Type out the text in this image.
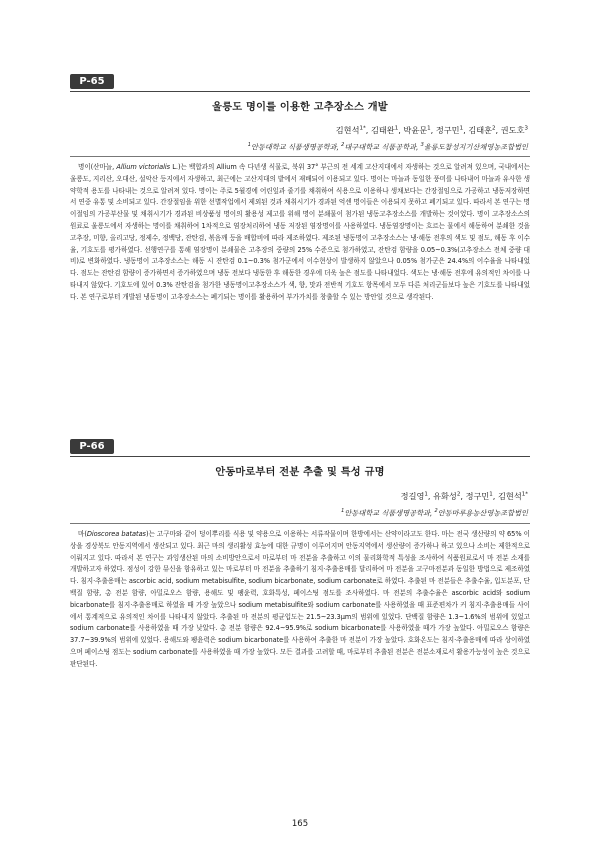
P-65
울릉도 명이를 이용한 고추장소스 개발
김현석$^{1*}$, 김태완$^1$, 박윤문$^1$, 정구민$^1$, 김태훈$^2$, 권도호$^3$
$^1$안동대학교 식품생명공학과, $^2$대구대학교 식품공학과, $^3$울릉도참성지기산채영농조합법인
명이(산마늘, Allium victorialis L.)는 백합과의 Allium 속 다년생 식물로, 북위 37° 부근의 전 세계 고산지대에서 자생하는 것으로 알려져 있으며, 국내에서는 울릉도, 지리산, 오대산, 설악산 등지에서 자생하고, 최근에는 고산지대의 밭에서 재배되어 이용되고 있다. 명이는 마늘과 동일한 풍미를 나타내어 마늘과 유사한 생약학적 용도를 나타내는 것으로 알려져 있다. 명이는 주로 5월경에 어린잎과 줄기를 채취하여 식용으로 이용하나 생채보다는 간장절임으로 가공하고 냉동저장하면서 연중 유통 및 소비되고 있다. 간장절임을 위한 선별작업에서 제외된 것과 채취시기가 경과된 억센 명이들은 이용되지 못하고 폐기되고 있다. 따라서 본 연구는 명이절임의 가공부산물 및 채취시기가 경과된 비상품성 명이의 활용성 제고를 위해 명이 분쇄물이 첨가된 냉동고추장소스를 개발하는 것이었다. 명이 고추장소스의 원료로 울릉도에서 자생하는 명이를 채취하여 1차적으로 염장처리하여 냉동 저장된 염장명이를 사용하였다. 냉동염장명이는 흐르는 물에서 해동하여 분쇄한 것을 고추장, 미향, 올리고당, 정제수, 정백당, 잔탄검, 볶음깨 등을 배합비에 따라 제조하였다. 제조된 냉동명이 고추장소스는 냉·해동 전후의 색도 및 점도, 해동 후 이수율, 기호도를 평가하였다. 선행연구를 통해 염장명이 분쇄물은 고추장의 중량의 25% 수준으로 첨가하였고, 잔탄검 함량을 0.05~0.3%(고추장소스 전체 중량 대비)로 변화하였다. 냉동명이 고추장소스는 해동 시 잔탄검 0.1~0.3% 첨가군에서 이수현상이 발생하지 않았으나 0.05% 첨가군은 24.4%의 이수율을 나타내었다. 점도는 잔탄검 함량이 증가하면서 증가하였으며 냉동 전보다 냉동한 후 해동한 경우에 더욱 높은 점도를 나타내었다. 색도는 냉·해동 전후에 유의적인 차이를 나타내지 않았다. 기호도에 있어 0.3% 잔탄검을 첨가한 냉동명이고추장소스가 색, 향, 맛과 전반적 기호도 항목에서 모두 다른 처리군들보다 높은 기호도를 나타내었다. 본 연구로부터 개발된 냉동명이 고추장소스는 폐기되는 명이를 활용하여 부가가치를 창출할 수 있는 방안일 것으로 생각된다.
P-66
안동마로부터 전분 추출 및 특성 규명
정길영$^1$, 유화성$^2$, 정구민$^1$, 김현석$^{1*}$
$^1$안동대학교 식품생명공학과, $^2$안동마루용농산영농조합법인
마(Dioscorea batatas)는 고구마와 같이 덩이뿌리를 식용 및 약용으로 이용하는 서류작물이며 한방에서는 산약이라고도 한다. 마는 전국 생산량의 약 65% 이상을 경상북도 안동지역에서 생산되고 있다. 최근 마의 생리활성 효능에 대한 규명이 이루어지며 안동지역에서 생산량이 증가하나 하고 있으나 소비는 제한적으로 이뤄지고 있다. 따라서 본 연구는 과잉생산된 마의 소비방안으로서 마로부터 마 전분을 추출하고 이의 물리화학적 특성을 조사하여 식품원료로서 마 전분 소재를 개발하고자 하였다. 점성이 강한 뮤신을 함유하고 있는 마로부터 마 전분을 추출하기 침지·추출용매를 달리하여 마 전분을 고구마전분과 동일한 방법으로 제조하였다. 침지·추출용매는 ascorbic acid, sodium metabisulfite, sodium bicarbonate, sodium carbonate로 하였다. 추출된 마 전분들은 추출수율, 입도분포, 단백질 함량, 총 전분 함량, 아밀로오스 함량, 용해도 및 팽윤력, 호화특성, 페이스팅 점도를 조사하였다. 마 전분의 추출수율은 ascorbic acid와 sodium bicarbonate를 침지·추출용매로 하였을 때 가장 높았으나 sodium metabisulfite와 sodium carbonate를 사용하였을 때 표준편차가 커 침지·추출용매들 사이에서 통계적으로 유의적인 차이를 나타내지 않았다. 추출된 마 전분의 평균입도는 21.5~23.3μm의 범위에 있었다. 단백질 함량은 1.3~1.6%의 범위에 있었고 sodium carbonate를 사용하였을 때 가장 낮았다. 총 전분 함량은 92.4~95.9%로 sodium bicarbonate를 사용하였을 때가 가장 높았다. 아밀로오스 함량은 37.7~39.9%의 범위에 있었다. 용해도와 팽윤력은 sodium bicarbonate를 사용하여 추출한 마 전분이 가장 높았다. 호화온도는 침지·추출용매에 따라 상이하였으며 페이스팅 점도는 sodium carbonate를 사용하였을 때 가장 높았다. 모든 결과를 고려할 때, 마로부터 추출된 전분은 전분소재로서 활용가능성이 높은 것으로 판단된다.
165
